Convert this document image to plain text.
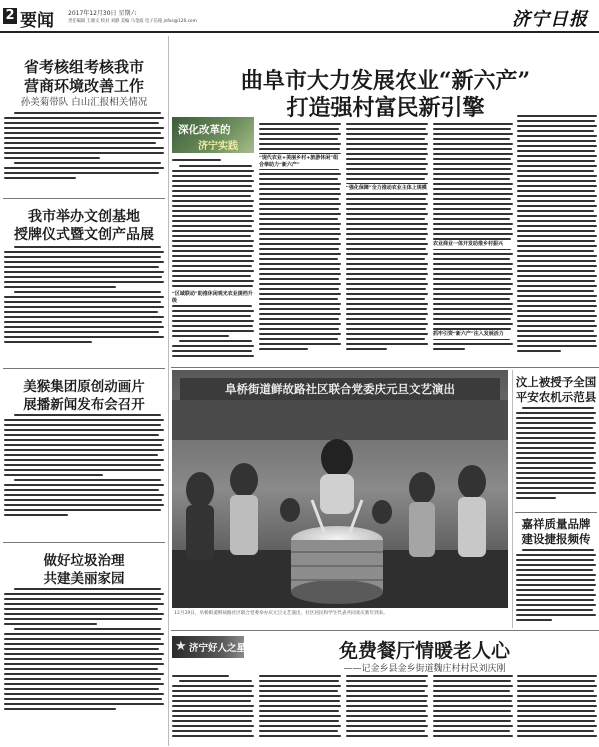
2 要闻 2017年12月30日 星期六
责任编辑 王晓文 校对 刘静 美编 马金波 电子信箱 jnfxs@126.com	济宁日报
省考核组考核我市
营商环境改善工作
孙美菊带队 白山汇报相关情况
我市举办文创基地
授牌仪式暨文创产品展
美猴集团原创动画片
展播新闻发布会召开
做好垃圾治理
共建美丽家园
曲阜市大力发展农业“新六产”
打造强村富民新引擎
深化改革的
济宁实践
“现代农业+美丽乡村+旅游休闲”组合拳助力“新六产”
“区域联动”助推休闲观光农业提档升级
“强化保障”全力推动农业主体上规模
农业商业一体开发助推乡村振兴
抓牢引资“新六产”注入发展活力
阜桥街道鲜故路社区联合党委庆元旦文艺演出
12月29日，阜桥街道鲜故路社区联合党委举办庆元旦文艺演出，社区居民和学生代表共同欢庆新年到来。
汶上被授予全国
平安农机示范县
嘉祥质量品牌
建设捷报频传
★ 济宁好人之星	免费餐厅情暖老人心
——记金乡县金乡街道魏庄村村民刘庆刚
